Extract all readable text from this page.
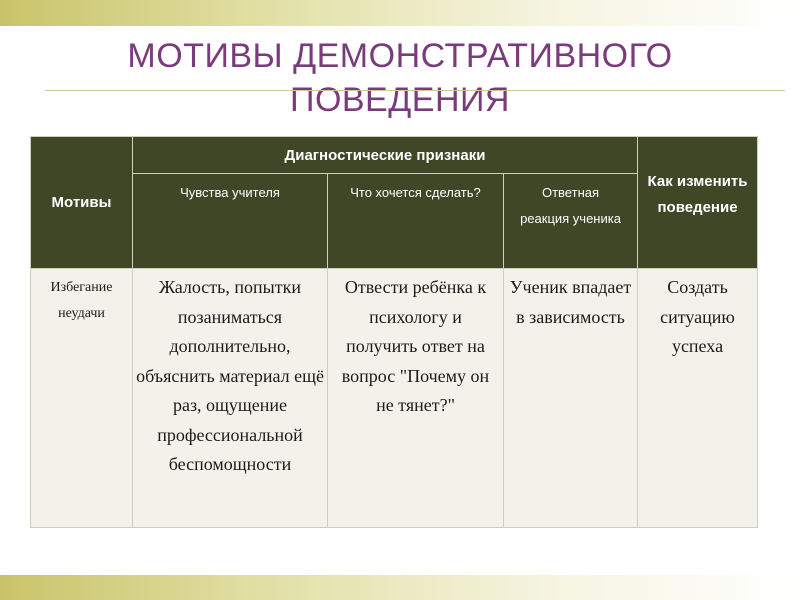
МОТИВЫ ДЕМОНСТРАТИВНОГО
ПОВЕДЕНИЯ
Мотивы	Диагностические признаки			Как изменить поведение
	Чувства учителя	Что хочется сделать?	Ответная реакция ученика	

Избегание неудачи	Жалость, попытки позаниматься дополнительно, объяснить материал ещё раз, ощущение профессиональной беспомощности	Отвести ребёнка к психологу и получить ответ на вопрос "Почему он не тянет?"	Ученик впадает в зависимость	Создать ситуацию успеха
